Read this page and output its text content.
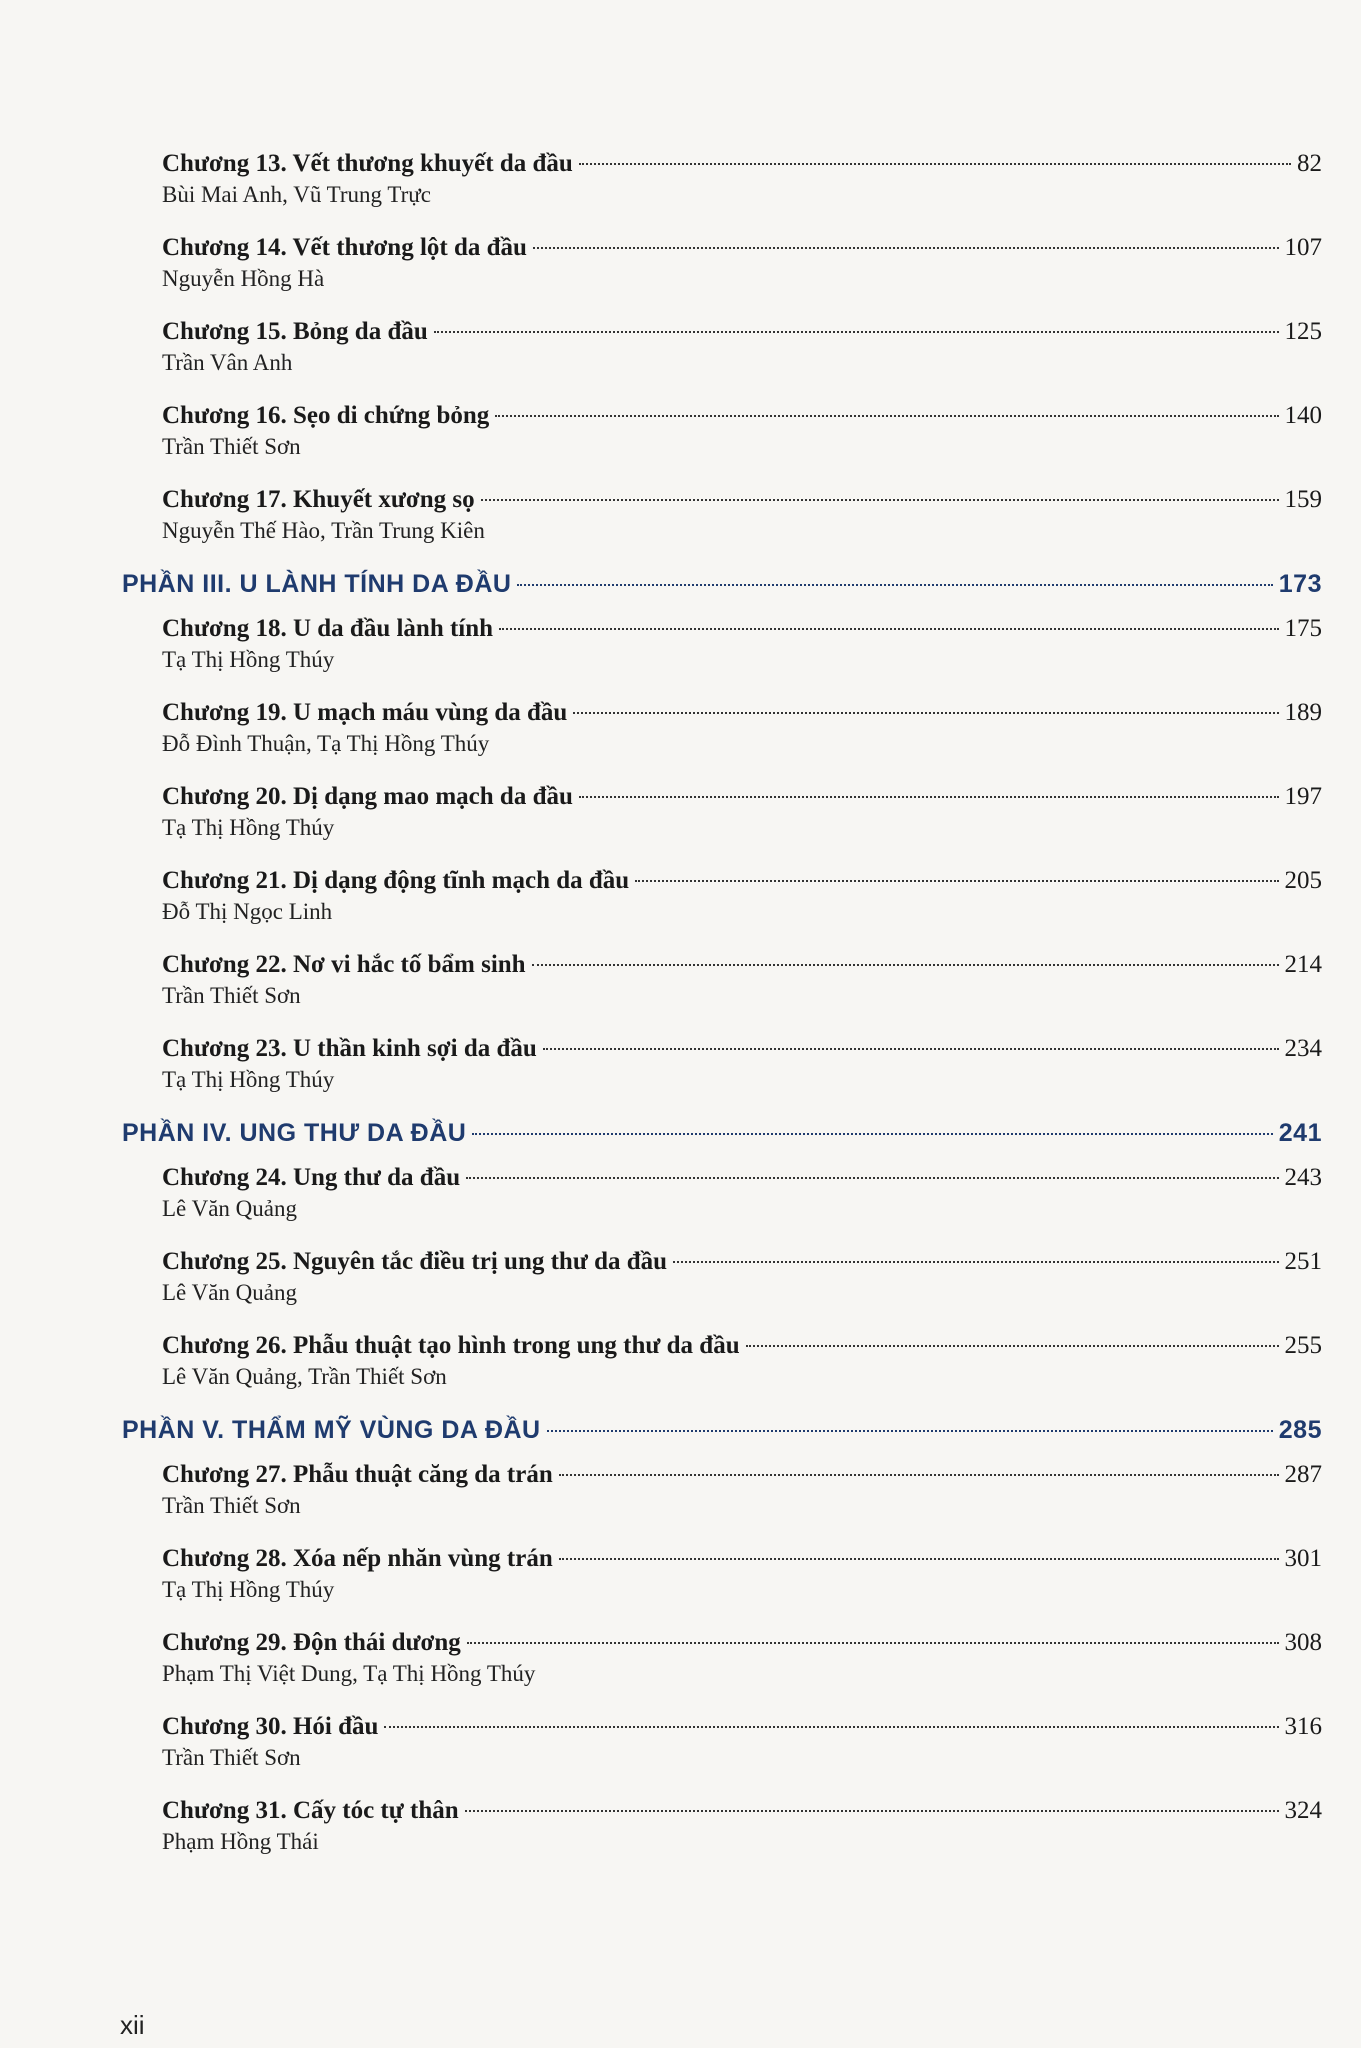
Chương 13. Vết thương khuyết da đầu	82
Bùi Mai Anh, Vũ Trung Trực
Chương 14. Vết thương lột da đầu	107
Nguyễn Hồng Hà
Chương 15. Bỏng da đầu	125
Trần Vân Anh
Chương 16. Sẹo di chứng bỏng	140
Trần Thiết Sơn
Chương 17. Khuyết xương sọ	159
Nguyễn Thế Hào, Trần Trung Kiên
PHẦN III. U LÀNH TÍNH DA ĐẦU	173
Chương 18. U da đầu lành tính	175
Tạ Thị Hồng Thúy
Chương 19. U mạch máu vùng da đầu	189
Đỗ Đình Thuận, Tạ Thị Hồng Thúy
Chương 20. Dị dạng mao mạch da đầu	197
Tạ Thị Hồng Thúy
Chương 21. Dị dạng động tĩnh mạch da đầu	205
Đỗ Thị Ngọc Linh
Chương 22. Nơ vi hắc tố bẩm sinh	214
Trần Thiết Sơn
Chương 23. U thần kinh sợi da đầu	234
Tạ Thị Hồng Thúy
PHẦN IV. UNG THƯ DA ĐẦU	241
Chương 24. Ung thư da đầu	243
Lê Văn Quảng
Chương 25. Nguyên tắc điều trị ung thư da đầu	251
Lê Văn Quảng
Chương 26. Phẫu thuật tạo hình trong ung thư da đầu	255
Lê Văn Quảng, Trần Thiết Sơn
PHẦN V. THẨM MỸ VÙNG DA ĐẦU	285
Chương 27. Phẫu thuật căng da trán	287
Trần Thiết Sơn
Chương 28. Xóa nếp nhăn vùng trán	301
Tạ Thị Hồng Thúy
Chương 29. Độn thái dương	308
Phạm Thị Việt Dung, Tạ Thị Hồng Thúy
Chương 30. Hói đầu	316
Trần Thiết Sơn
Chương 31. Cấy tóc tự thân	324
Phạm Hồng Thái
xii
